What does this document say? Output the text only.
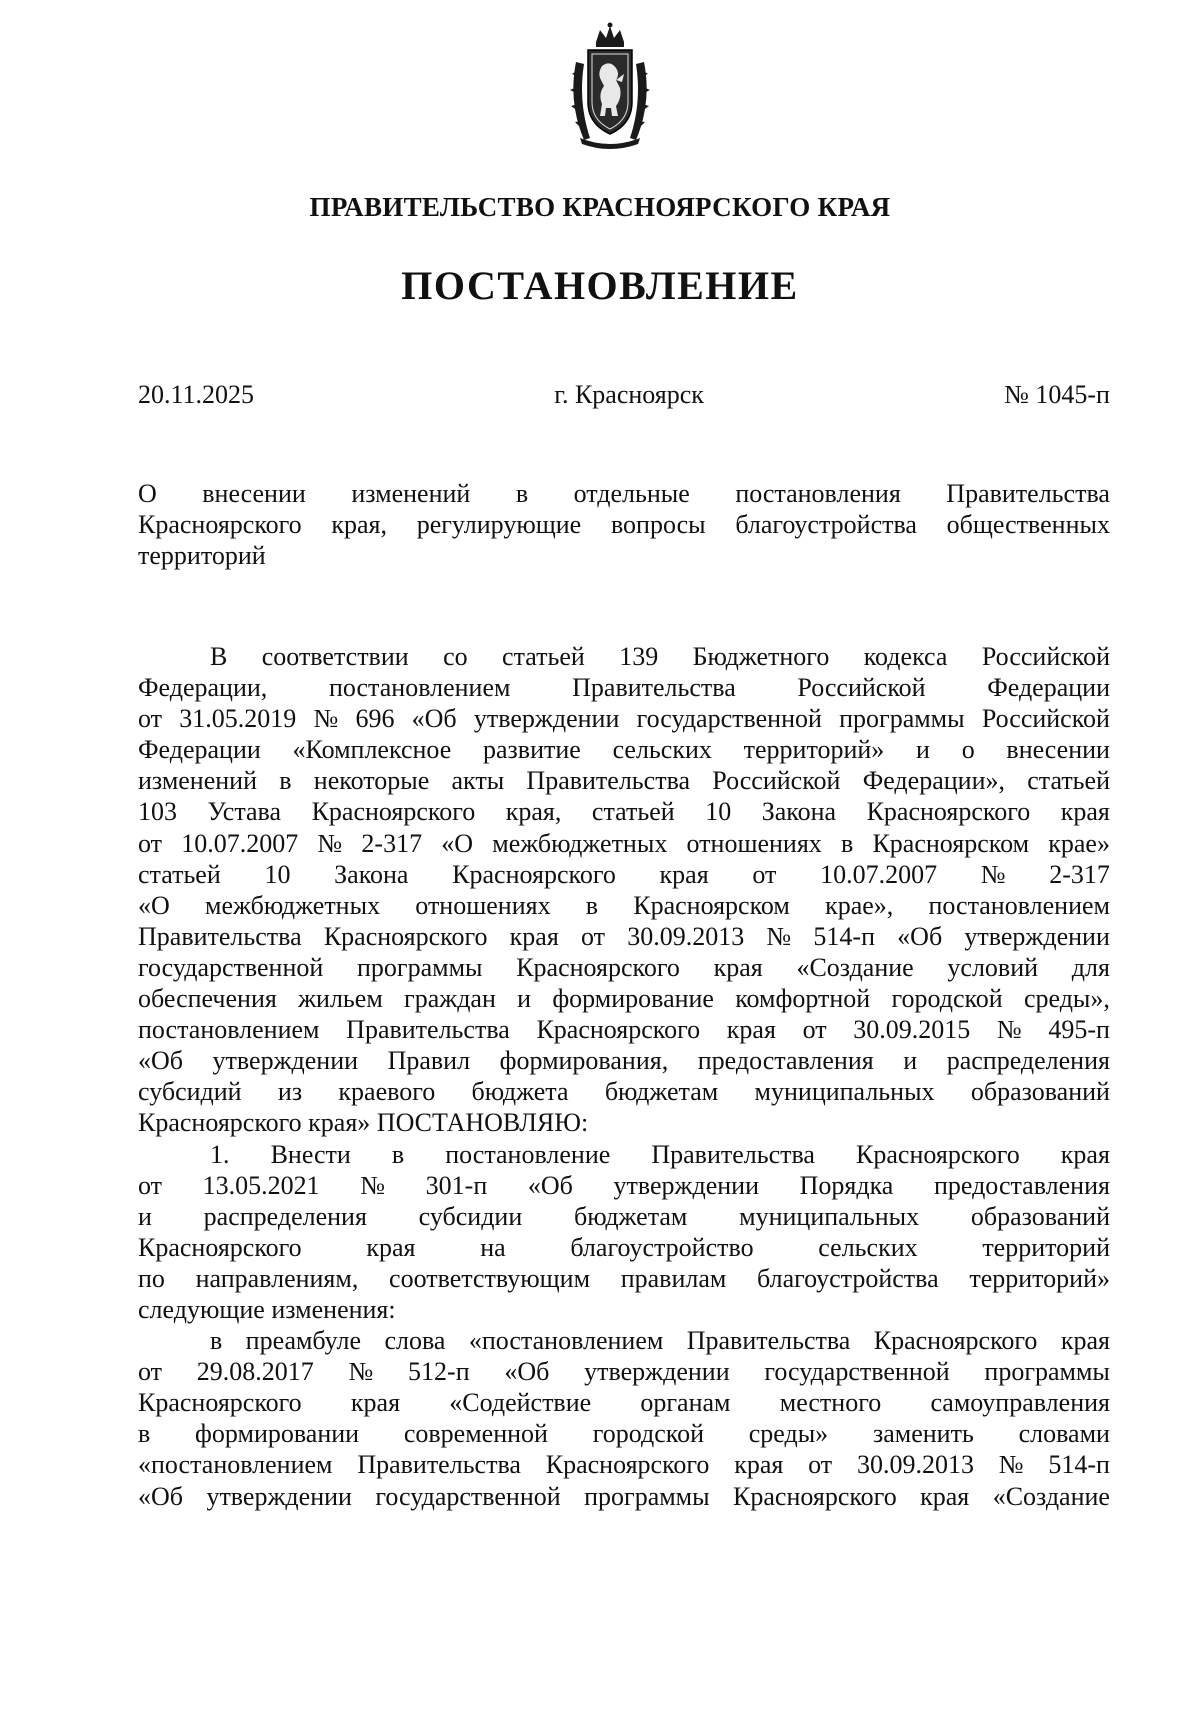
ПРАВИТЕЛЬСТВО КРАСНОЯРСКОГО КРАЯ
ПОСТАНОВЛЕНИЕ
20.11.2025	г. Красноярск	№ 1045-п
О внесении изменений в отдельные постановления Правительства
Красноярского края, регулирующие вопросы благоустройства общественных
территорий
В соответствии со статьей 139 Бюджетного кодекса Российской
Федерации, постановлением Правительства Российской Федерации
от 31.05.2019 № 696 «Об утверждении государственной программы Российской
Федерации «Комплексное развитие сельских территорий» и о внесении
изменений в некоторые акты Правительства Российской Федерации», статьей
103 Устава Красноярского края, статьей 10 Закона Красноярского края
от 10.07.2007 № 2-317 «О межбюджетных отношениях в Красноярском крае»
статьей 10 Закона Красноярского края от 10.07.2007 № 2-317
«О межбюджетных отношениях в Красноярском крае», постановлением
Правительства Красноярского края от 30.09.2013 № 514-п «Об утверждении
государственной программы Красноярского края «Создание условий для
обеспечения жильем граждан и формирование комфортной городской среды»,
постановлением Правительства Красноярского края от 30.09.2015 № 495-п
«Об утверждении Правил формирования, предоставления и распределения
субсидий из краевого бюджета бюджетам муниципальных образований
Красноярского края» ПОСТАНОВЛЯЮ:
1. Внести в постановление Правительства Красноярского края
от 13.05.2021 № 301-п «Об утверждении Порядка предоставления
и распределения субсидии бюджетам муниципальных образований
Красноярского края на благоустройство сельских территорий
по направлениям, соответствующим правилам благоустройства территорий»
следующие изменения:
в преамбуле слова «постановлением Правительства Красноярского края
от 29.08.2017 № 512-п «Об утверждении государственной программы
Красноярского края «Содействие органам местного самоуправления
в формировании современной городской среды» заменить словами
«постановлением Правительства Красноярского края от 30.09.2013 № 514-п
«Об утверждении государственной программы Красноярского края «Создание
